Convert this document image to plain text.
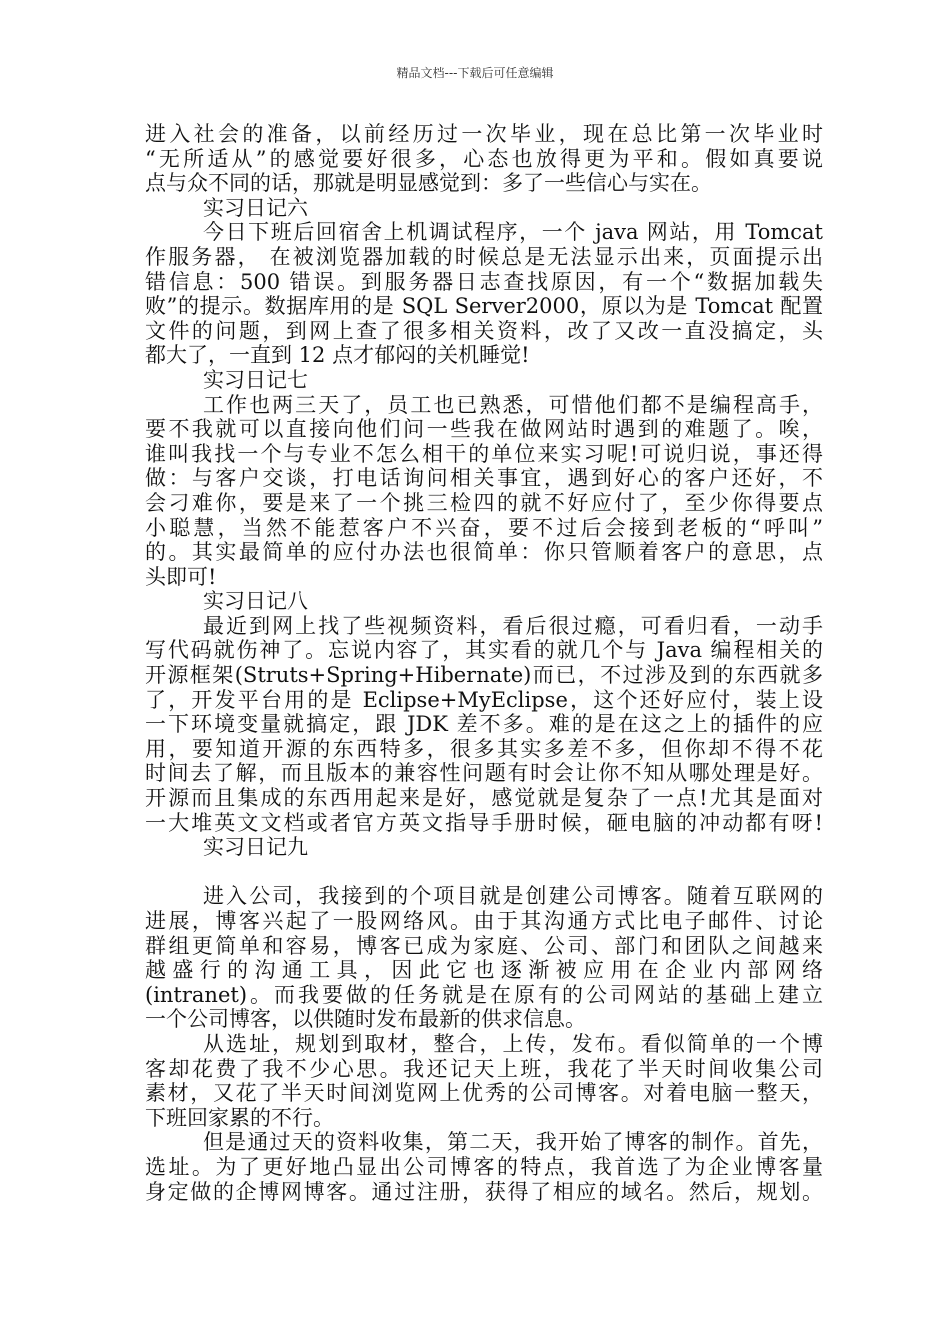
精品文档---下载后可任意编辑
进入社会的准备，以前经历过一次毕业，现在总比第一次毕业时
“无所适从”的感觉要好很多，心态也放得更为平和。假如真要说
点与众不同的话，那就是明显感觉到：多了一些信心与实在。
实习日记六
今日下班后回宿舍上机调试程序，一个 java 网站，用 Tomcat
作服务器， 在被浏览器加载的时候总是无法显示出来，页面提示出
错信息：500 错误。到服务器日志查找原因，有一个“数据加载失
败”的提示。数据库用的是 SQL Server2000，原以为是 Tomcat 配置
文件的问题，到网上查了很多相关资料，改了又改一直没搞定，头
都大了，一直到 12 点才郁闷的关机睡觉!
实习日记七
工作也两三天了，员工也已熟悉，可惜他们都不是编程高手，
要不我就可以直接向他们问一些我在做网站时遇到的难题了。唉，
谁叫我找一个与专业不怎么相干的单位来实习呢!可说归说，事还得
做：与客户交谈，打电话询问相关事宜，遇到好心的客户还好，不
会刁难你，要是来了一个挑三检四的就不好应付了，至少你得要点
小聪慧，当然不能惹客户不兴奋，要不过后会接到老板的“呼叫”
的。其实最简单的应付办法也很简单：你只管顺着客户的意思，点
头即可!
实习日记八
最近到网上找了些视频资料，看后很过瘾，可看归看，一动手
写代码就伤神了。忘说内容了，其实看的就几个与 Java 编程相关的
开源框架(Struts+Spring+Hibernate)而已，不过涉及到的东西就多
了，开发平台用的是 Eclipse+MyEclipse，这个还好应付，装上设
一下环境变量就搞定，跟 JDK 差不多。难的是在这之上的插件的应
用，要知道开源的东西特多，很多其实多差不多，但你却不得不花
时间去了解，而且版本的兼容性问题有时会让你不知从哪处理是好。
开源而且集成的东西用起来是好，感觉就是复杂了一点!尤其是面对
一大堆英文文档或者官方英文指导手册时候，砸电脑的冲动都有呀!
实习日记九
进入公司，我接到的个项目就是创建公司博客。随着互联网的
进展，博客兴起了一股网络风。由于其沟通方式比电子邮件、讨论
群组更简单和容易，博客已成为家庭、公司、部门和团队之间越来
越盛行的沟通工具，因此它也逐渐被应用在企业内部网络
(intranet)。而我要做的任务就是在原有的公司网站的基础上建立
一个公司博客，以供随时发布最新的供求信息。
从选址，规划到取材，整合，上传，发布。看似简单的一个博
客却花费了我不少心思。我还记天上班，我花了半天时间收集公司
素材，又花了半天时间浏览网上优秀的公司博客。对着电脑一整天，
下班回家累的不行。
但是通过天的资料收集，第二天，我开始了博客的制作。首先，
选址。为了更好地凸显出公司博客的特点，我首选了为企业博客量
身定做的企博网博客。通过注册，获得了相应的域名。然后，规划。
